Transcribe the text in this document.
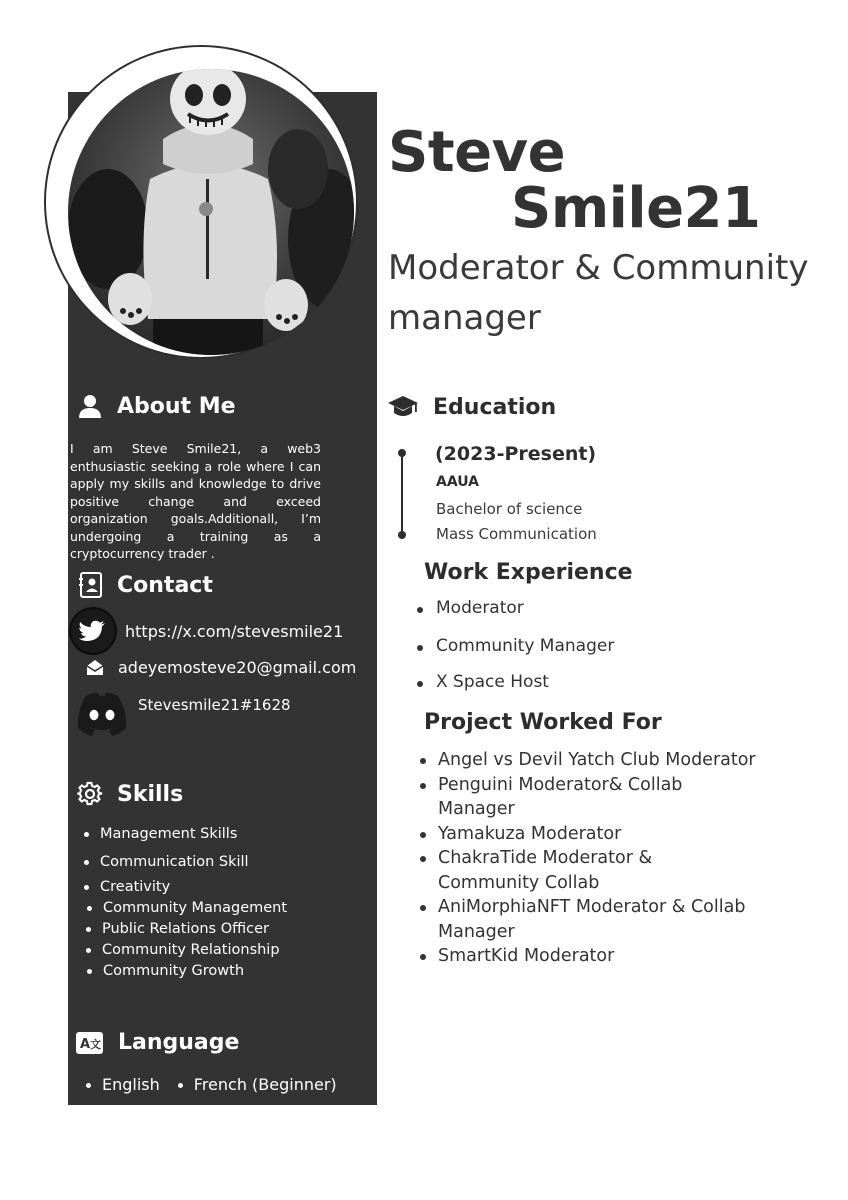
Steve
Smile21
Moderator & Community
manager
About Me

I am Steve Smile21, a web3 enthusiastic seeking a role where I can apply my skills and knowledge to drive positive change and exceed organization goals.Additionall, I’m undergoing a training as a cryptocurrency trader .

Contact
https://x.com/stevesmile21
adeyemosteve20@gmail.com
Stevesmile21#1628
Skills
Management Skills
Communication Skill
Creativity
Community Management
Public Relations Officer
Community Relationship
Community Growth
A 文 Language
English	French (Beginner)
Education
(2023-Present)
AAUA
Bachelor of science
Mass Communication
Work Experience
Moderator
Community Manager
X Space Host
Project Worked For
Angel vs Devil Yatch Club Moderator
Penguini Moderator& Collab Manager
Yamakuza Moderator
ChakraTide Moderator & Community Collab
AniMorphiaNFT Moderator & Collab Manager
SmartKid Moderator
